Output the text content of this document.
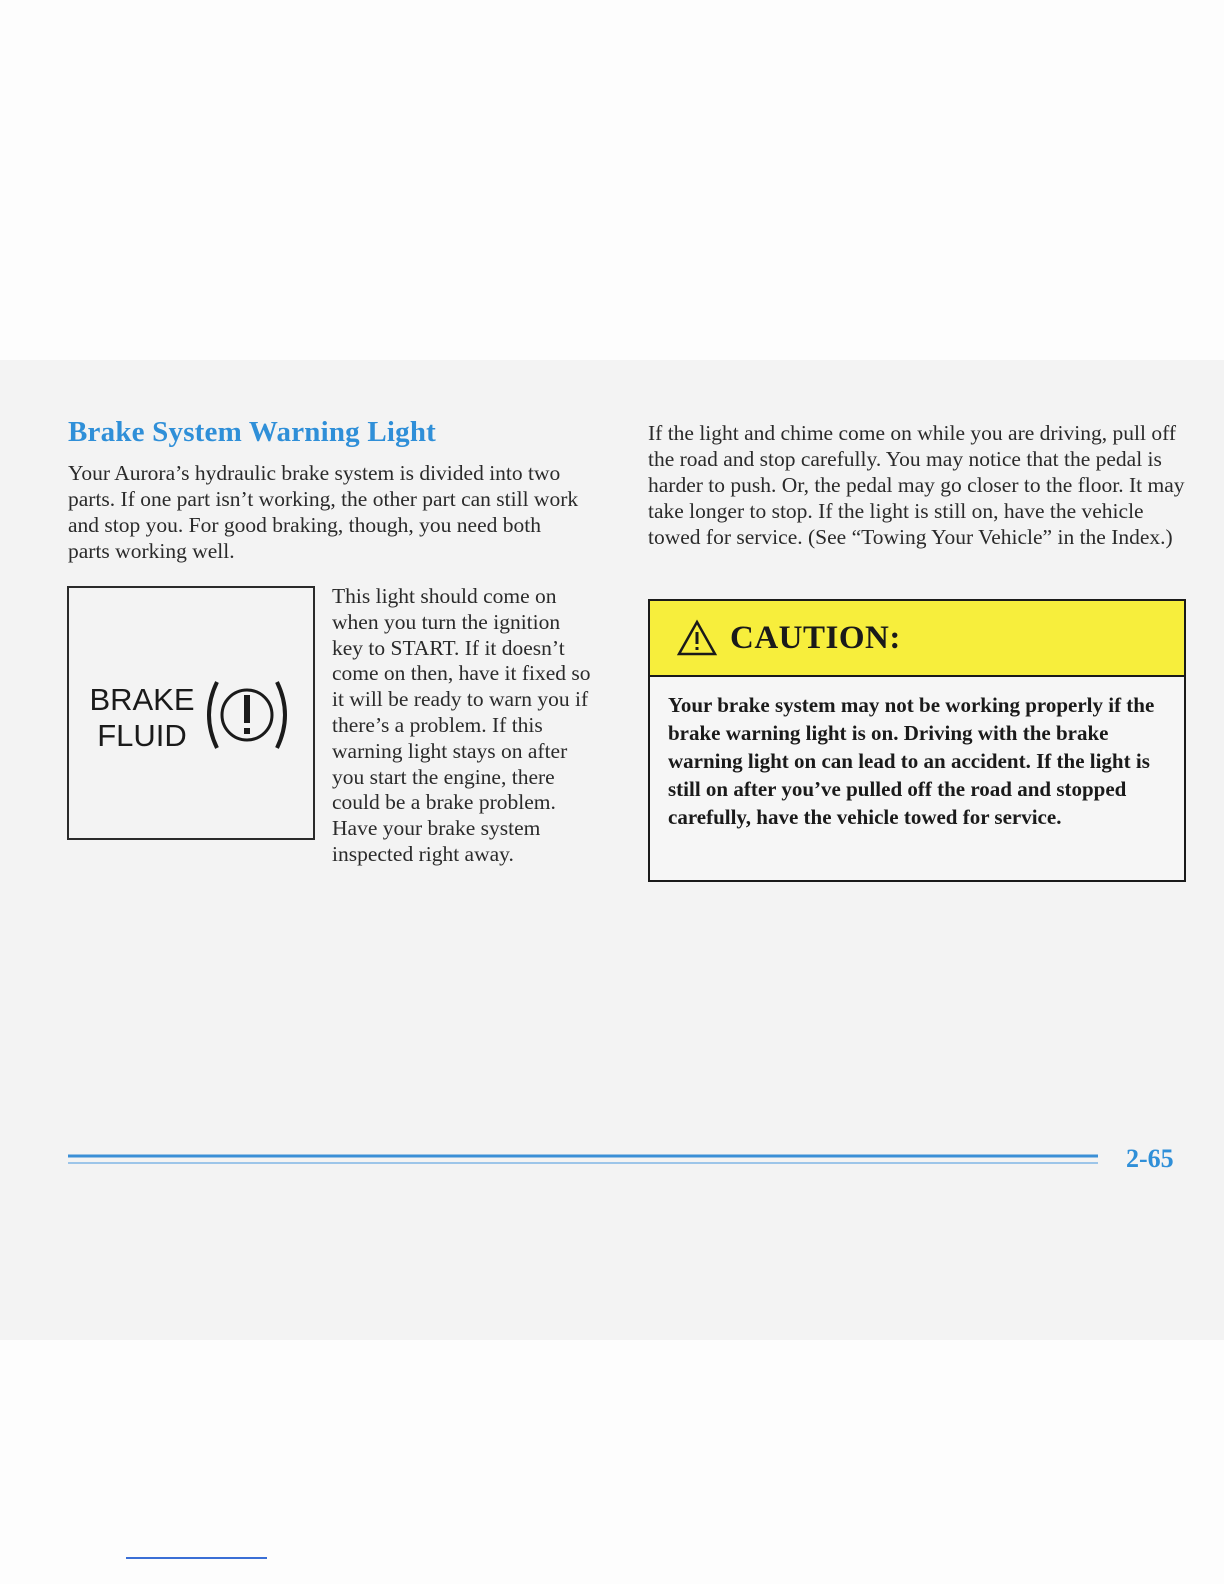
Brake System Warning Light

Your Aurora’s hydraulic brake system is divided into two parts. If one part isn’t working, the other part can still work and stop you. For good braking, though, you need both parts working well.

BRAKE
FLUID

This light should come on when you turn the ignition key to START. If it doesn’t come on then, have it fixed so it will be ready to warn you if there’s a problem. If this warning light stays on after you start the engine, there could be a brake problem. Have your brake system inspected right away.

If the light and chime come on while you are driving, pull off the road and stop carefully. You may notice that the pedal is harder to push. Or, the pedal may go closer to the floor. It may take longer to stop. If the light is still on, have the vehicle towed for service. (See “Towing Your Vehicle” in the Index.)

CAUTION:
Your brake system may not be working properly if the brake warning light is on. Driving with the brake warning light on can lead to an accident. If the light is still on after you’ve pulled off the road and stopped carefully, have the vehicle towed for service.
2-65
